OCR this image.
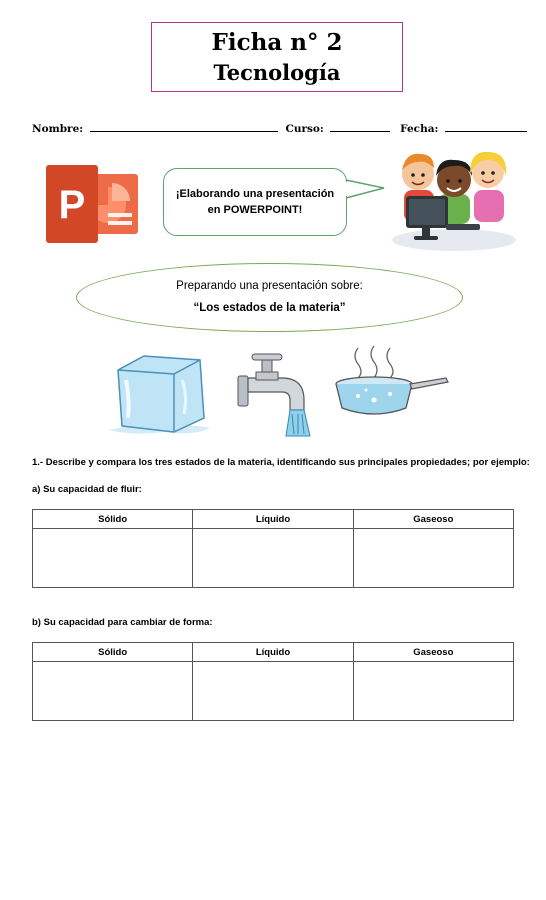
Ficha n° 2
Tecnología
Nombre:	Curso:	Fecha:
P	¡Elaborando una presentación
en POWERPOINT!
Preparando una presentación sobre:
“Los estados de la materia”
1.- Describe y compara los tres estados de la materia, identificando sus principales propiedades; por ejemplo:
a) Su capacidad de fluir:
Sólido	Líquido	Gaseoso

b) Su capacidad para cambiar de forma:
Sólido	Líquido	Gaseoso
